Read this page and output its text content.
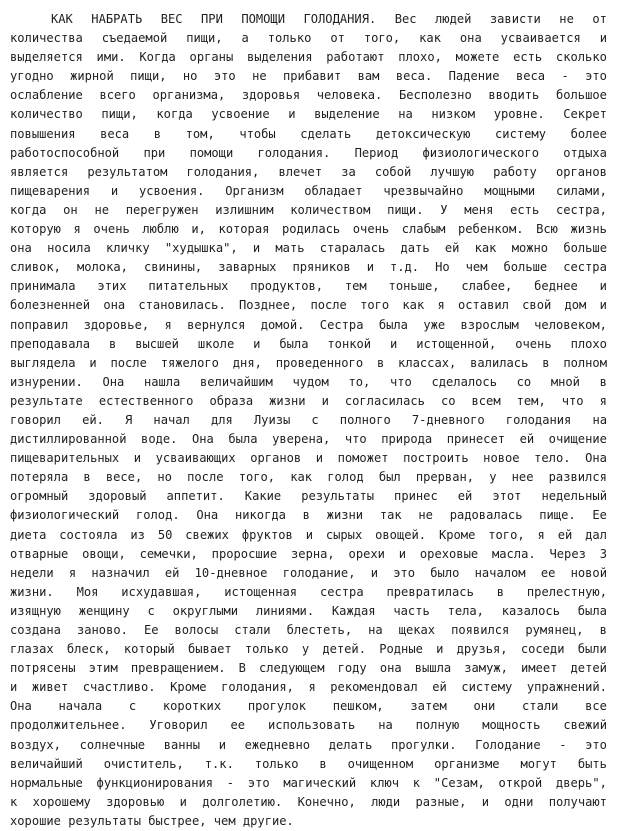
КАК НАБРАТЬ ВЕС ПРИ ПОМОЩИ ГОЛОДАНИЯ. Вес людей зависти не от
количества съедаемой пищи, а только от того, как она усваивается и
выделяется ими. Когда органы выделения работают плохо, можете есть сколько
угодно жирной пищи, но это не прибавит вам веса. Падение веса - это
ослабление всего организма, здоровья человека. Бесполезно вводить большое
количество пищи, когда усвоение и выделение на низком уровне. Секрет
повышения веса в том, чтобы сделать детоксическую систему более
работоспособной при помощи голодания. Период физиологического отдыха
является результатом голодания, влечет за собой лучшую работу органов
пищеварения и усвоения. Организм обладает чрезвычайно мощными силами,
когда он не перегружен излишним количеством пищи. У меня есть сестра,
которую я очень люблю и, которая родилась очень слабым ребенком. Всю жизнь
она носила кличку "худышка", и мать старалась дать ей как можно больше
сливок, молока, свинины, заварных пряников и т.д. Но чем больше сестра
принимала этих питательных продуктов, тем тоньше, слабее, беднее и
болезненней она становилась. Позднее, после того как я оставил свой дом и
поправил здоровье, я вернулся домой. Сестра была уже взрослым человеком,
преподавала в высшей школе и была тонкой и истощенной, очень плохо
выглядела и после тяжелого дня, проведенного в классах, валилась в полном
изнурении. Она нашла величайшим чудом то, что сделалось со мной в
результате естественного образа жизни и согласилась со всем тем, что я
говорил ей. Я начал для Луизы с полного 7-дневного голодания на
дистиллированной воде. Она была уверена, что природа принесет ей очищение
пищеварительных и усваивающих органов и поможет построить новое тело. Она
потеряла в весе, но после того, как голод был прерван, у нее развился
огромный здоровый аппетит. Какие результаты принес ей этот недельный
физиологический голод. Она никогда в жизни так не радовалась пище. Ее
диета состояла из 50 свежих фруктов и сырых овощей. Кроме того, я ей дал
отварные овощи, семечки, проросшие зерна, орехи и ореховые масла. Через 3
недели я назначил ей 10-дневное голодание, и это было началом ее новой
жизни. Моя исхудавшая, истощенная сестра превратилась в прелестную,
изящную женщину с округлыми линиями. Каждая часть тела, казалось была
создана заново. Ее волосы стали блестеть, на щеках появился румянец, в
глазах блеск, который бывает только у детей. Родные и друзья, соседи были
потрясены этим превращением. В следующем году она вышла замуж, имеет детей
и живет счастливо. Кроме голодания, я рекомендовал ей систему упражнений.
Она начала с коротких прогулок пешком, затем они стали все
продолжительнее. Уговорил ее использовать на полную мощность свежий
воздух, солнечные ванны и ежедневно делать прогулки. Голодание - это
величайший очиститель, т.к. только в очищенном организме могут быть
нормальные функционирования - это магический ключ к "Сезам, открой дверь",
к хорошему здоровью и долголетию. Конечно, люди разные, и одни получают
хорошие результаты быстрее, чем другие.
